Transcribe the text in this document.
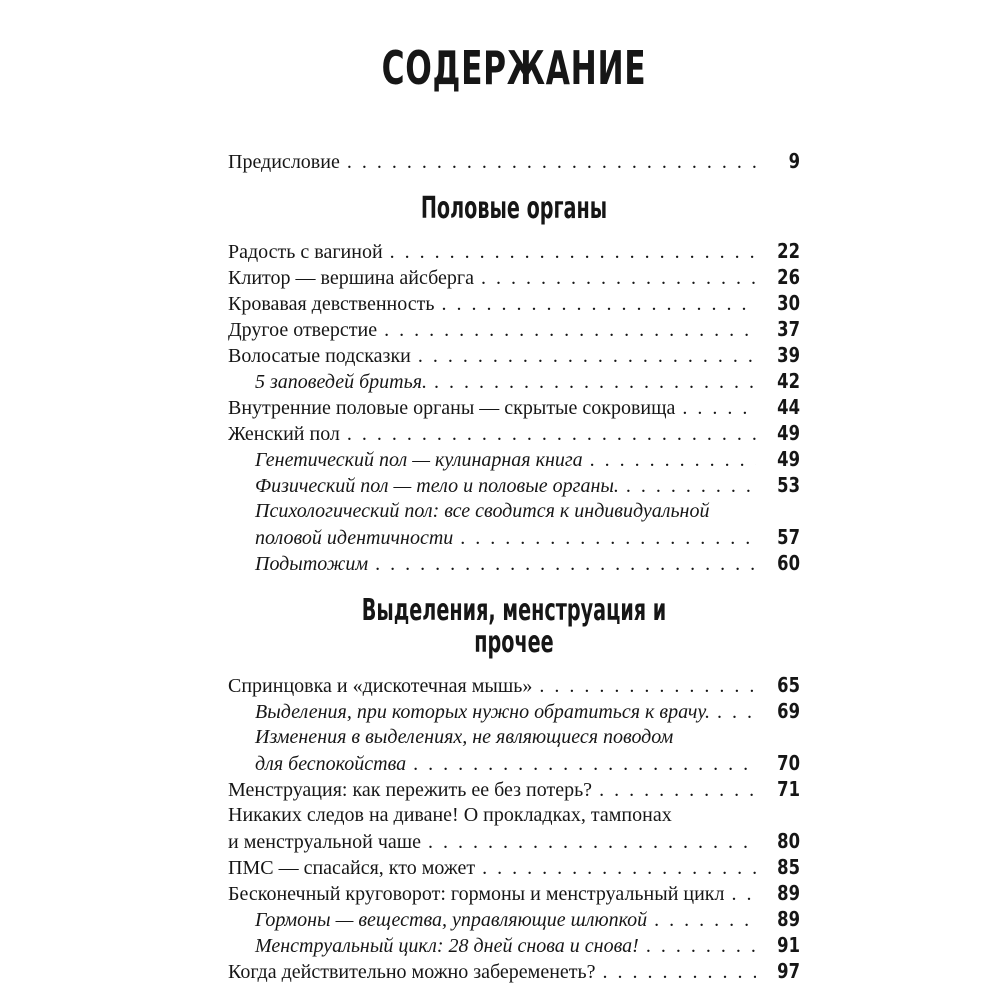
СОДЕРЖАНИЕ
Предисловие . . .	9
Половые органы
Радость с вагиной . . .	22
Клитор — вершина айсберга . . .	26
Кровавая девственность . . .	30
Другое отверстие . . .	37
Волосатые подсказки . . .	39
5 заповедей бритья. . . .	42
Внутренние половые органы — скрытые сокровища . . .	44
Женский пол . . .	49
Генетический пол — кулинарная книга . . .	49
Физический пол — тело и половые органы. . . .	53
Психологический пол: все сводится к индивидуальной
половой идентичности . . .	57
Подытожим . . .	60
Выделения, менструация и прочее
Спринцовка и «дискотечная мышь» . . .	65
Выделения, при которых нужно обратиться к врачу. . . .	69
Изменения в выделениях, не являющиеся поводом
для беспокойства . . .	70
Менструация: как пережить ее без потерь? . . .	71
Никаких следов на диване! О прокладках, тампонах
и менструальной чаше . . .	80
ПМС — спасайся, кто может . . .	85
Бесконечный круговорот: гормоны и менструальный цикл . . .	89
Гормоны — вещества, управляющие шлюпкой . . .	89
Менструальный цикл: 28 дней снова и снова! . . .	91
Когда действительно можно забеременеть? . . .	97
